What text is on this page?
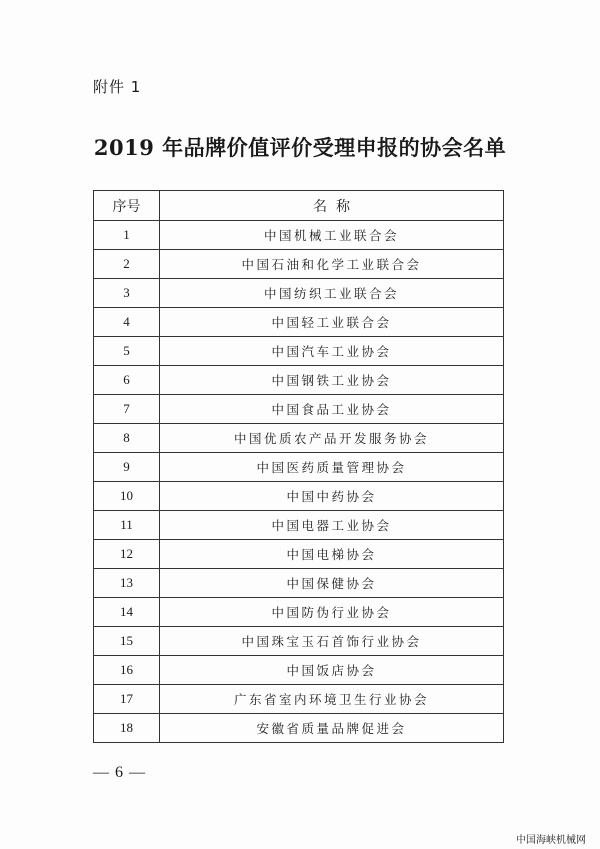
附件 1
2019 年品牌价值评价受理申报的协会名单
序号	名  称
1	中国机械工业联合会
2	中国石油和化学工业联合会
3	中国纺织工业联合会
4	中国轻工业联合会
5	中国汽车工业协会
6	中国钢铁工业协会
7	中国食品工业协会
8	中国优质农产品开发服务协会
9	中国医药质量管理协会
10	中国中药协会
11	中国电器工业协会
12	中国电梯协会
13	中国保健协会
14	中国防伪行业协会
15	中国珠宝玉石首饰行业协会
16	中国饭店协会
17	广东省室内环境卫生行业协会
18	安徽省质量品牌促进会
— 6 —
中国海峡机械网
